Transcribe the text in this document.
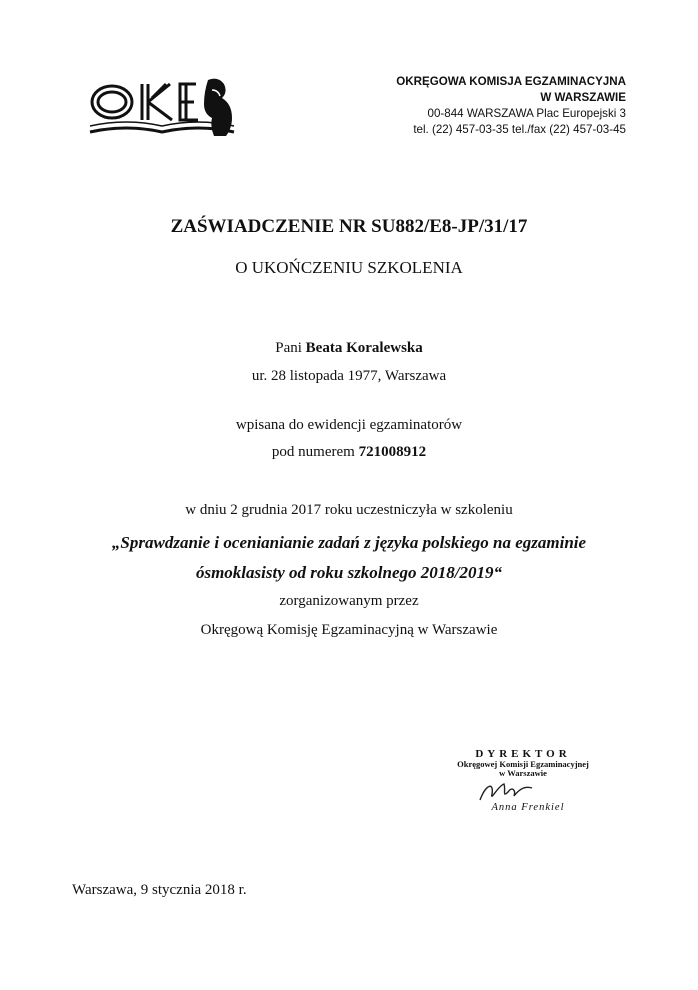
OKRĘGOWA KOMISJA EGZAMINACYJNA
W WARSZAWIE
00-844 WARSZAWA Plac Europejski 3
tel. (22) 457-03-35 tel./fax (22) 457-03-45
ZAŚWIADCZENIE NR SU882/E8-JP/31/17
O UKOŃCZENIU SZKOLENIA
Pani Beata Koralewska
ur. 28 listopada 1977, Warszawa
wpisana do ewidencji egzaminatorów
pod numerem 721008912
w dniu 2 grudnia 2017 roku uczestniczyła w szkoleniu
„Sprawdzanie i ocenianianie zadań z języka polskiego na egzaminie
ósmoklasisty od roku szkolnego 2018/2019“
zorganizowanym przez
Okręgową Komisję Egzaminacyjną w Warszawie
DYREKTOR
Okręgowej Komisji Egzaminacyjnej
w Warszawie
Anna Frenkiel
Warszawa, 9 stycznia 2018 r.
